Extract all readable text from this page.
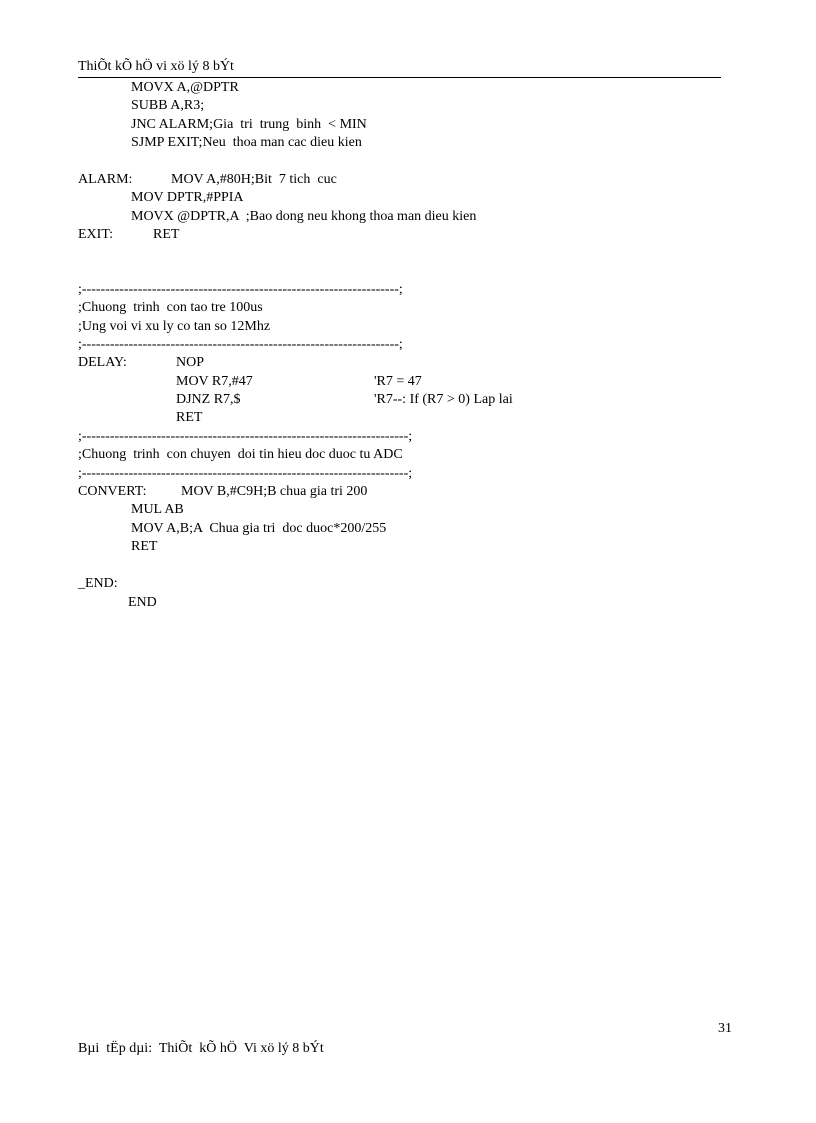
ThiÕt kÕ hÖ vi xö lý 8 bÝt
MOVX A,@DPTR
SUBB A,R3;
JNC ALARM;Gia  tri  trung  binh  < MIN
SJMP EXIT;Neu  thoa man cac dieu kien
ALARM:	MOV A,#80H;Bit  7 tich  cuc
MOV DPTR,#PPIA
MOVX @DPTR,A  ;Bao dong neu khong thoa man dieu kien
EXIT:	RET
;--------------------------------------------------------------------;
;Chuong  trinh  con tao tre 100us
;Ung voi vi xu ly co tan so 12Mhz
;--------------------------------------------------------------------;
DELAY:	NOP
MOV R7,#47	'R7 = 47
DJNZ R7,$	'R7--: If (R7 > 0) Lap lai
RET
;----------------------------------------------------------------------;
;Chuong  trinh  con chuyen  doi tin hieu doc duoc tu ADC
;----------------------------------------------------------------------;
CONVERT: MOV B,#C9H;B chua gia tri 200
MUL AB
MOV A,B;A  Chua gia tri  doc duoc*200/255
RET
_END:
END
31
Bµi  tËp dµi:  ThiÕt  kÕ hÖ  Vi xö lý 8 bÝt
